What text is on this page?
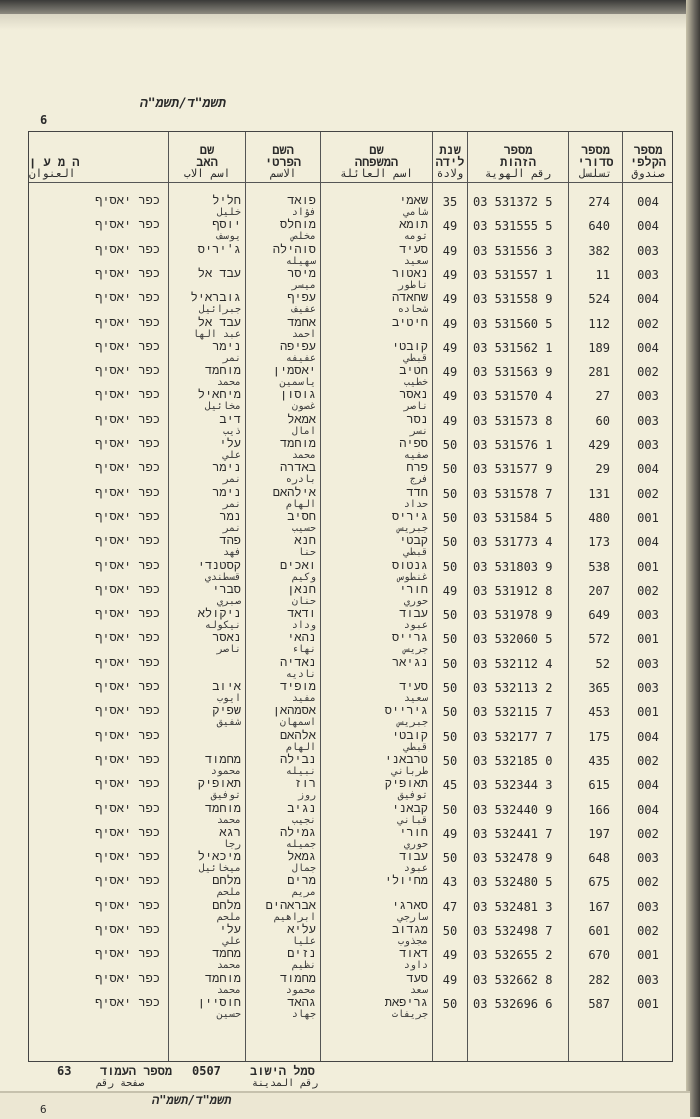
תשמ"ד/תשמ"ה
6
מספר
הקלפי
صندوق
מספר
סדורי
تسلسل
מספר
הזהות
رقم الهوية
שנת
לידה
ولادة
שם
המשפחה
اسم العائلة
השם
הפרטי
الاسم
שם
האב
اسم الاب
ה מ ע ן
العنوان
004
274
03 531372 5
35
שאמי
شامي
פואד
فؤاد
חליל
خليل
כפר יאסיף
004
640
03 531555 5
49
תומא
تومه
מוחלס
مخلص
יוסף
يوسف
כפר יאסיף
003
382
03 531556 3
49
סעיד
سعيد
סוהילה
سهيله
ג'יריס
כפר יאסיף
003
11
03 531557 1
49
נאטור
ناطور
מיסר
ميسر
עבד אל
כפר יאסיף
004
524
03 531558 9
49
שחאדה
شحاده
עפיף
عفيف
גובראיל
جبرائيل
כפר יאסיף
002
112
03 531560 5
49
חיטיב
אחמד
احمد
עבד אל
عبد الها
כפר יאסיף
004
189
03 531562 1
49
קובטי
قبطي
עפיפה
عفيفه
נימר
نمر
כפר יאסיף
002
281
03 531563 9
49
חטיב
خطيب
יאסמין
ياسمين
מוחמד
محمد
כפר יאסיף
003
27
03 531570 4
49
נאסר
ناصر
גוסון
غصون
מיחאיל
مخائيل
כפר יאסיף
003
60
03 531573 8
49
נסר
نسر
אמאל
امال
דיב
ذيب
כפר יאסיף
003
429
03 531576 1
50
ספיה
صفيه
מוחמד
محمد
עלי
علي
כפר יאסיף
004
29
03 531577 9
50
פרח
فرج
באדרה
بادره
נימר
نمر
כפר יאסיף
002
131
03 531578 7
50
חדד
حداد
אילהאם
الهام
נימר
نمر
כפר יאסיף
001
480
03 531584 5
50
גיריס
جبريس
חסיב
حسيب
נמר
نمر
כפר יאסיף
004
173
03 531773 4
50
קבטי
قبطي
חנא
حنا
פהד
فهد
כפר יאסיף
001
538
03 531803 9
50
גנטוס
غنطوس
ואכים
وكيم
קסטנדי
قسطندي
כפר יאסיף
002
207
03 531912 8
49
חורי
حوري
חנאן
حنان
סברי
صبري
כפר יאסיף
003
649
03 531978 9
50
עבוד
عبود
ודאד
وداد
ניקולא
نيكوله
כפר יאסיף
001
572
03 532060 5
50
גרייס
جريس
נהאי
نهاء
נאסר
ناصر
כפר יאסיף
003
52
03 532112 4
50
נגיאר
נאדיה
ناديه
כפר יאסיף
003
365
03 532113 2
50
סעיד
سعيد
מופיד
مفيد
איוב
ايوب
כפר יאסיף
001
453
03 532115 7
50
גירייס
جبريس
אסמהאן
اسمهان
שפיק
شفيق
כפר יאסיף
004
175
03 532177 7
50
קובטי
قبطي
אלהאם
الهام
כפר יאסיף
002
435
03 532185 0
50
טרבאני
طرباني
נבילה
نبيله
מחמוד
محمود
כפר יאסיף
004
615
03 532344 3
45
תאופיק
توفيق
רוז
روز
תאופיק
توفيق
כפר יאסיף
004
166
03 532440 9
50
קבאני
قباني
נגיב
نجيب
מוחמד
محمد
כפר יאסיף
002
197
03 532441 7
49
חורי
حوري
גמילה
جميله
רגא
رجا
כפר יאסיף
003
648
03 532478 9
50
עבוד
عبود
גמאל
جمال
מיכאיל
ميخائيل
כפר יאסיף
002
675
03 532480 5
43
מחיולי
מרים
مريم
מלחם
ملحم
כפר יאסיף
003
167
03 532481 3
47
סארגי
سارجي
אבראהים
ابراهيم
מלחם
ملحم
כפר יאסיף
002
601
03 532498 7
50
מגדוב
مجذوب
עליא
عليا
עלי
علي
כפר יאסיף
001
670
03 532655 2
49
דאוד
داود
נזים
نظيم
מחמד
محمد
כפר יאסיף
003
282
03 532662 8
49
סעד
سعد
מחמוד
محمود
מוחמד
محمد
כפר יאסיף
001
587
03 532696 6
50
גריפאת
جريفات
גהאד
جهاد
חוסיין
حسين
כפר יאסיף
סמל הישוב
0507
מספר העמוד
63
رقم المدينة
صفحة رقم
תשמ"ד/תשמ"ה
6
